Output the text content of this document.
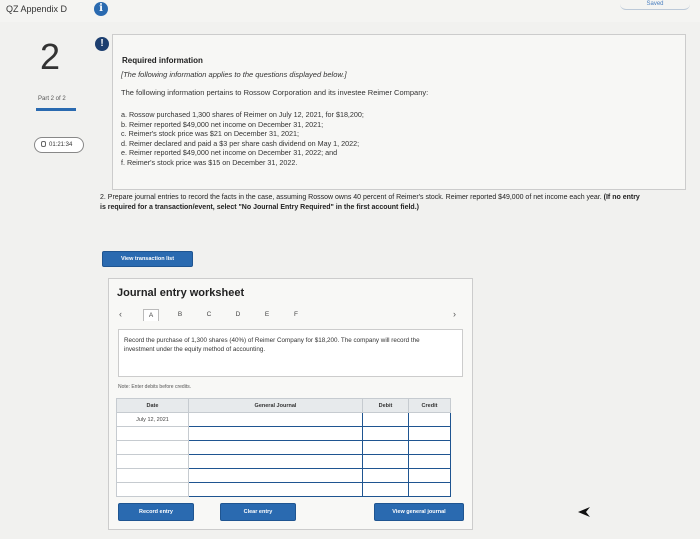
QZ Appendix D	i	Saved
2
Part 2 of 2
01:21:34
!
Required information
[The following information applies to the questions displayed below.]
The following information pertains to Rossow Corporation and its investee Reimer Company:
a. Rossow purchased 1,300 shares of Reimer on July 12, 2021, for $18,200;
b. Reimer reported $49,000 net income on December 31, 2021;
c. Reimer's stock price was $21 on December 31, 2021;
d. Reimer declared and paid a $3 per share cash dividend on May 1, 2022;
e. Reimer reported $49,000 net income on December 31, 2022; and
f. Reimer's stock price was $15 on December 31, 2022.
2. Prepare journal entries to record the facts in the case, assuming Rossow owns 40 percent of Reimer's stock. Reimer reported $49,000 of net income each year. (If no entry is required for a transaction/event, select "No Journal Entry Required" in the first account field.)
View transaction list
Journal entry worksheet
‹	A	B	C	D	E	F	›
Record the purchase of 1,300 shares (40%) of Reimer Company for $18,200. The company will record the investment under the equity method of accounting.
Note: Enter debits before credits.
Date	General Journal	Debit	Credit
July 12, 2021			

Record entry	Clear entry	View general journal
